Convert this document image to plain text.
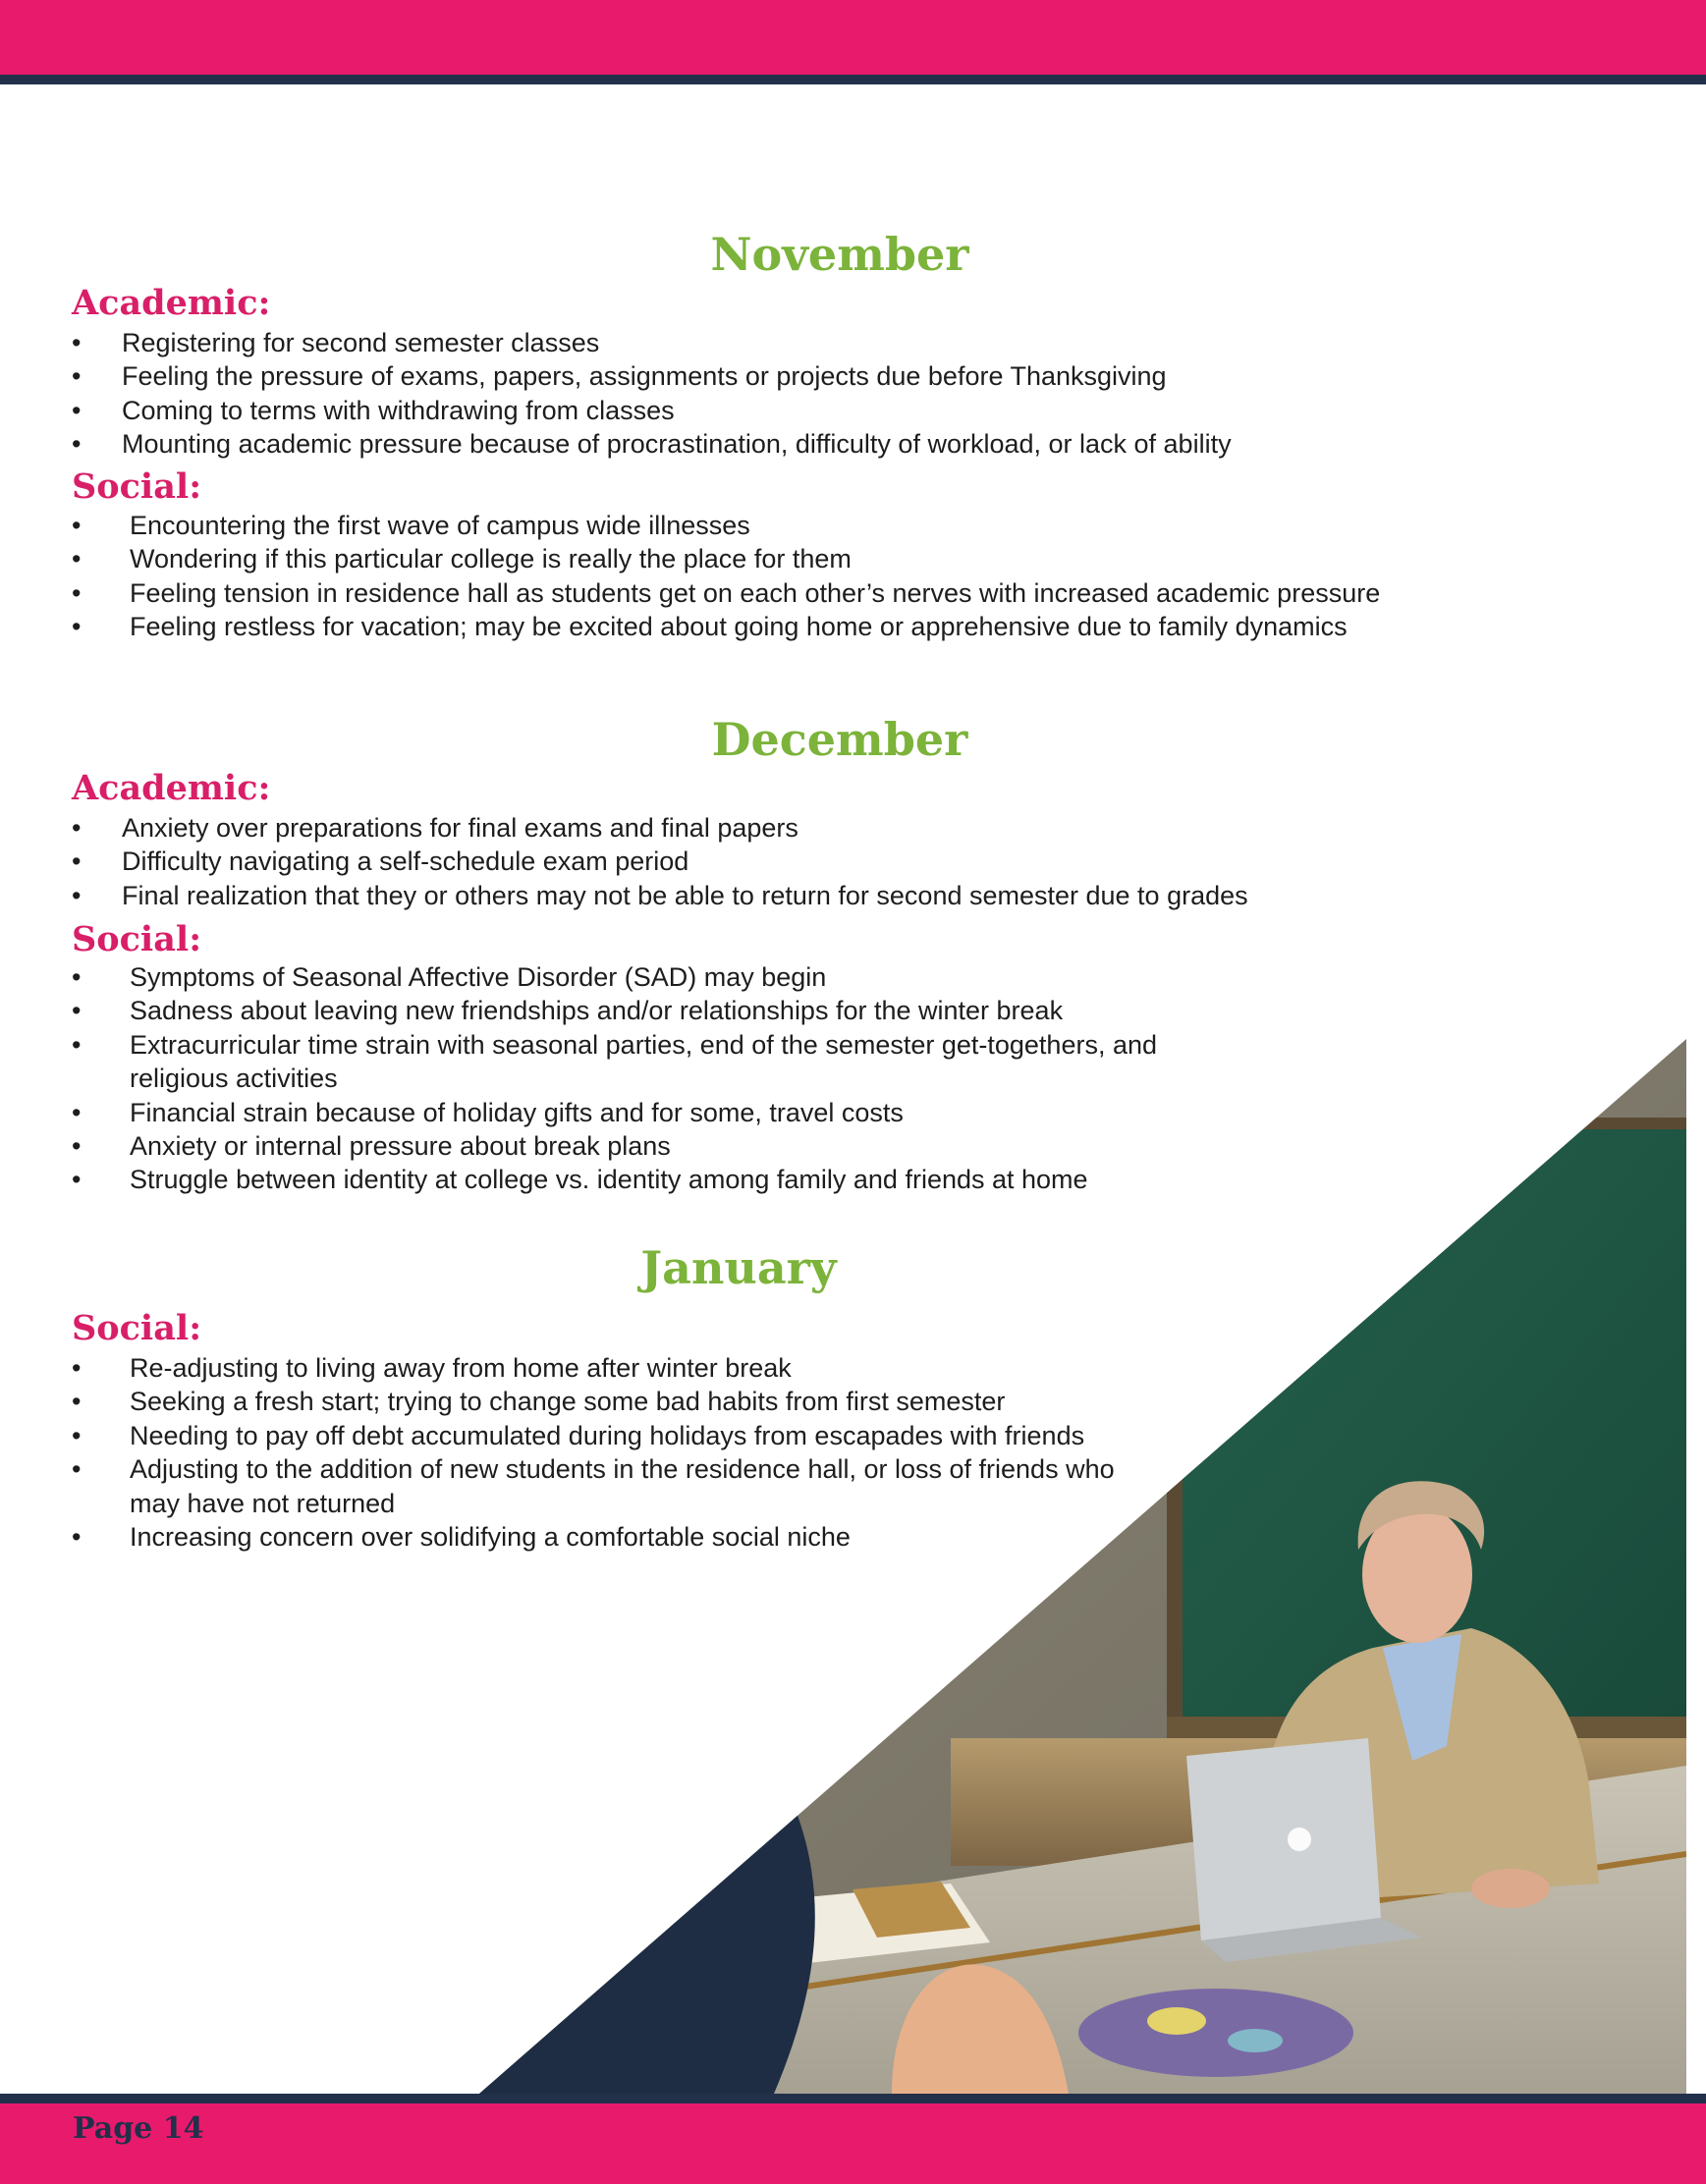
November
Academic:
• Registering for second semester classes
• Feeling the pressure of exams, papers, assignments or projects due before Thanksgiving
• Coming to terms with withdrawing from classes
• Mounting academic pressure because of procrastination, difficulty of workload, or lack of ability
Social:
• Encountering the first wave of campus wide illnesses
• Wondering if this particular college is really the place for them
• Feeling tension in residence hall as students get on each other’s nerves with increased academic pressure
• Feeling restless for vacation; may be excited about going home or apprehensive due to family dynamics
December
Academic:
• Anxiety over preparations for final exams and final papers
• Difficulty navigating a self-schedule exam period
• Final realization that they or others may not be able to return for second semester due to grades
Social:
• Symptoms of Seasonal Affective Disorder (SAD) may begin
• Sadness about leaving new friendships and/or relationships for the winter break
• Extracurricular time strain with seasonal parties, end of the semester get-togethers, and religious activities
• Financial strain because of holiday gifts and for some, travel costs
• Anxiety or internal pressure about break plans
• Struggle between identity at college vs. identity among family and friends at home
January
Social:
• Re-adjusting to living away from home after winter break
• Seeking a fresh start; trying to change some bad habits from first semester
• Needing to pay off debt accumulated during holidays from escapades with friends
• Adjusting to the addition of new students in the residence hall, or loss of friends who may have not returned
• Increasing concern over solidifying a comfortable social niche
Page 14
